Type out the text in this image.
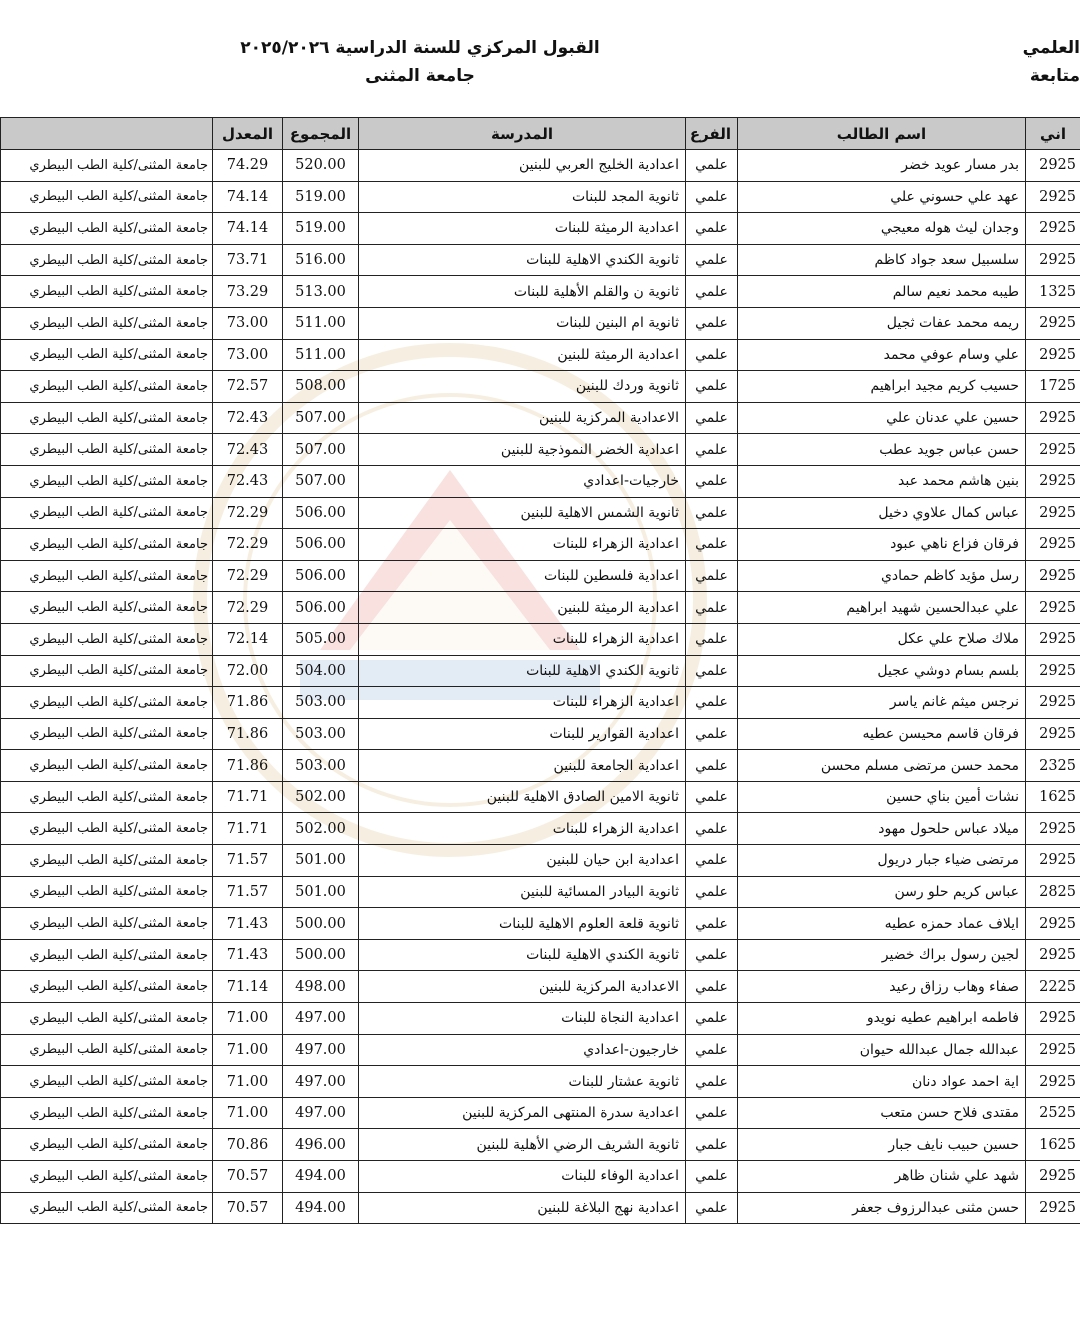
القبول المركزي للسنة الدراسية ٢٠٢٥/٢٠٢٦
جامعة المثنى
العلمي
متابعة
	المعدل	المجموع	المدرسة	الفرع	اسم الطالب	اني
جامعة المثنى/كلية الطب البيطري	74.29	520.00	اعدادية الخليج العربي للبنين	علمي	بدر مسار عويد خضر	2925
جامعة المثنى/كلية الطب البيطري	74.14	519.00	ثانوية المجد للبنات	علمي	عهد علي حسوني علي	2925
جامعة المثنى/كلية الطب البيطري	74.14	519.00	اعدادية الرميثة للبنات	علمي	وجدان ليث هوله معيجي	2925
جامعة المثنى/كلية الطب البيطري	73.71	516.00	ثانوية الكندي الاهلية للبنات	علمي	سلسبيل سعد جواد كاظم	2925
جامعة المثنى/كلية الطب البيطري	73.29	513.00	ثانوية ن والقلم الأهلية للبنات	علمي	طيبه محمد نعيم سالم	1325
جامعة المثنى/كلية الطب البيطري	73.00	511.00	ثانوية ام البنين للبنات	علمي	ريمه محمد عفات ثجيل	2925
جامعة المثنى/كلية الطب البيطري	73.00	511.00	اعدادية الرميثة للبنين	علمي	علي وسام عوفي محمد	2925
جامعة المثنى/كلية الطب البيطري	72.57	508.00	ثانوية وردك للبنين	علمي	حسيب كريم مجيد ابراهيم	1725
جامعة المثنى/كلية الطب البيطري	72.43	507.00	الاعدادية المركزية للبنين	علمي	حسين علي عدنان علي	2925
جامعة المثنى/كلية الطب البيطري	72.43	507.00	اعدادية الخضر النموذجية للبنين	علمي	حسن عباس جويد عطب	2925
جامعة المثنى/كلية الطب البيطري	72.43	507.00	خارجيات-اعدادي	علمي	بنين هاشم محمد عبد	2925
جامعة المثنى/كلية الطب البيطري	72.29	506.00	ثانوية الشمس الاهلية للبنين	علمي	عباس كمال علاوي دخيل	2925
جامعة المثنى/كلية الطب البيطري	72.29	506.00	اعدادية الزهراء للبنات	علمي	فرقان فزاع ناهي عبود	2925
جامعة المثنى/كلية الطب البيطري	72.29	506.00	اعدادية فلسطين للبنات	علمي	رسل مؤيد كاظم حمادي	2925
جامعة المثنى/كلية الطب البيطري	72.29	506.00	اعدادية الرميثة للبنين	علمي	علي عبدالحسين شهيد ابراهيم	2925
جامعة المثنى/كلية الطب البيطري	72.14	505.00	اعدادية الزهراء للبنات	علمي	ملاك صلاح علي عكل	2925
جامعة المثنى/كلية الطب البيطري	72.00	504.00	ثانوية الكندي الاهلية للبنات	علمي	بلسم بسام دوشي عجيل	2925
جامعة المثنى/كلية الطب البيطري	71.86	503.00	اعدادية الزهراء للبنات	علمي	نرجس ميثم غانم ياسر	2925
جامعة المثنى/كلية الطب البيطري	71.86	503.00	اعدادية القوارير للبنات	علمي	فرقان قاسم محيسن عطيه	2925
جامعة المثنى/كلية الطب البيطري	71.86	503.00	اعدادية الجامعة للبنين	علمي	محمد حسن مرتضى مسلم محسن	2325
جامعة المثنى/كلية الطب البيطري	71.71	502.00	ثانوية الامين الصادق الاهلية للبنين	علمي	نشات أمين بناي حسين	1625
جامعة المثنى/كلية الطب البيطري	71.71	502.00	اعدادية الزهراء للبنات	علمي	ميلاد عباس حلحول مهود	2925
جامعة المثنى/كلية الطب البيطري	71.57	501.00	اعدادية ابن حيان للبنين	علمي	مرتضى ضياء جبار دريول	2925
جامعة المثنى/كلية الطب البيطري	71.57	501.00	ثانوية البيادر المسائية للبنين	علمي	عباس كريم حلو رسن	2825
جامعة المثنى/كلية الطب البيطري	71.43	500.00	ثانوية قلعة العلوم الاهلية للبنات	علمي	ايلاف عماد حمزه عطيه	2925
جامعة المثنى/كلية الطب البيطري	71.43	500.00	ثانوية الكندي الاهلية للبنات	علمي	لجين رسول براك خضير	2925
جامعة المثنى/كلية الطب البيطري	71.14	498.00	الاعدادية المركزية للبنين	علمي	صفاء وهاب رزاق رعيد	2225
جامعة المثنى/كلية الطب البيطري	71.00	497.00	اعدادية النجاة للبنات	علمي	فاطمه ابراهيم عطيه نويدو	2925
جامعة المثنى/كلية الطب البيطري	71.00	497.00	خارجيون-اعدادي	علمي	عبدالله جمال عبدالله حيوان	2925
جامعة المثنى/كلية الطب البيطري	71.00	497.00	ثانوية عشتار للبنات	علمي	اية احمد عواد دنان	2925
جامعة المثنى/كلية الطب البيطري	71.00	497.00	اعدادية سدرة المنتهى المركزية للبنين	علمي	مقتدى فلاح حسن متعب	2525
جامعة المثنى/كلية الطب البيطري	70.86	496.00	ثانوية الشريف الرضي الأهلية للبنين	علمي	حسين حبيب نايف جبار	1625
جامعة المثنى/كلية الطب البيطري	70.57	494.00	اعدادية الوفاء للبنات	علمي	شهد علي شنان ظاهر	2925
جامعة المثنى/كلية الطب البيطري	70.57	494.00	اعدادية نهج البلاغة للبنين	علمي	حسن مثنى عبدالرزوف جعفر	2925
